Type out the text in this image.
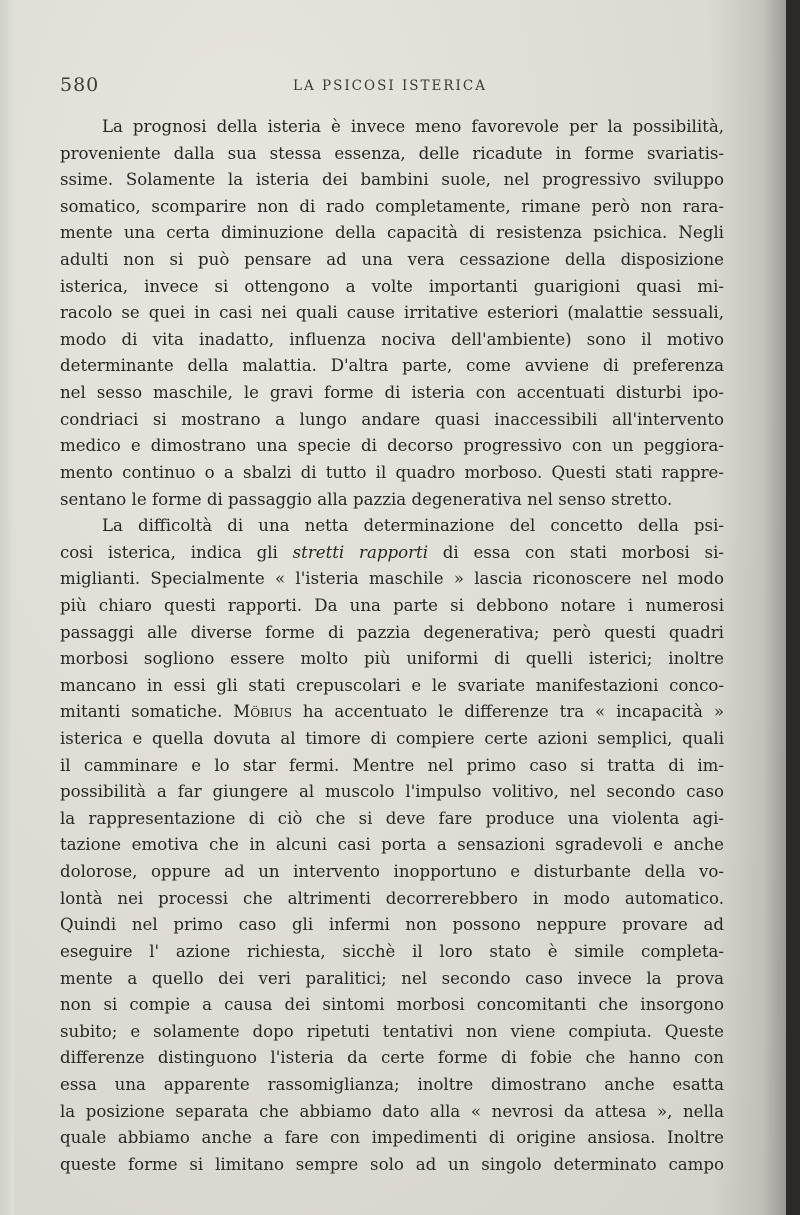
580	LA PSICOSI ISTERICA
La prognosi della isteria è invece meno favorevole per la possibilità,
proveniente dalla sua stessa essenza, delle ricadute in forme svariatis-
ssime. Solamente la isteria dei bambini suole, nel progressivo sviluppo
somatico, scomparire non di rado completamente, rimane però non rara-
mente una certa diminuzione della capacità di resistenza psichica. Negli
adulti non si può pensare ad una vera cessazione della disposizione
isterica, invece si ottengono a volte importanti guarigioni quasi mi-
racolo se quei in casi nei quali cause irritative esteriori (malattie sessuali,
modo di vita inadatto, influenza nociva dell'ambiente) sono il motivo
determinante della malattia. D'altra parte, come avviene di preferenza
nel sesso maschile, le gravi forme di isteria con accentuati disturbi ipo-
condriaci si mostrano a lungo andare quasi inaccessibili all'intervento
medico e dimostrano una specie di decorso progressivo con un peggiora-
mento continuo o a sbalzi di tutto il quadro morboso. Questi stati rappre-
sentano le forme di passaggio alla pazzia degenerativa nel senso stretto.
La difficoltà di una netta determinazione del concetto della psi-
cosi isterica, indica gli stretti rapporti di essa con stati morbosi si-
miglianti. Specialmente « l'isteria maschile » lascia riconoscere nel modo
più chiaro questi rapporti. Da una parte si debbono notare i numerosi
passaggi alle diverse forme di pazzia degenerativa; però questi quadri
morbosi sogliono essere molto più uniformi di quelli isterici; inoltre
mancano in essi gli stati crepuscolari e le svariate manifestazioni conco-
mitanti somatiche. Möbius ha accentuato le differenze tra « incapacità »
isterica e quella dovuta al timore di compiere certe azioni semplici, quali
il camminare e lo star fermi. Mentre nel primo caso si tratta di im-
possibilità a far giungere al muscolo l'impulso volitivo, nel secondo caso
la rappresentazione di ciò che si deve fare produce una violenta agi-
tazione emotiva che in alcuni casi porta a sensazioni sgradevoli e anche
dolorose, oppure ad un intervento inopportuno e disturbante della vo-
lontà nei processi che altrimenti decorrerebbero in modo automatico.
Quindi nel primo caso gli infermi non possono neppure provare ad
eseguire l' azione richiesta, sicchè il loro stato è simile completa-
mente a quello dei veri paralitici; nel secondo caso invece la prova
non si compie a causa dei sintomi morbosi concomitanti che insorgono
subito; e solamente dopo ripetuti tentativi non viene compiuta. Queste
differenze distinguono l'isteria da certe forme di fobie che hanno con
essa una apparente rassomiglianza; inoltre dimostrano anche esatta
la posizione separata che abbiamo dato alla « nevrosi da attesa », nella
quale abbiamo anche a fare con impedimenti di origine ansiosa. Inoltre
queste forme si limitano sempre solo ad un singolo determinato campo
